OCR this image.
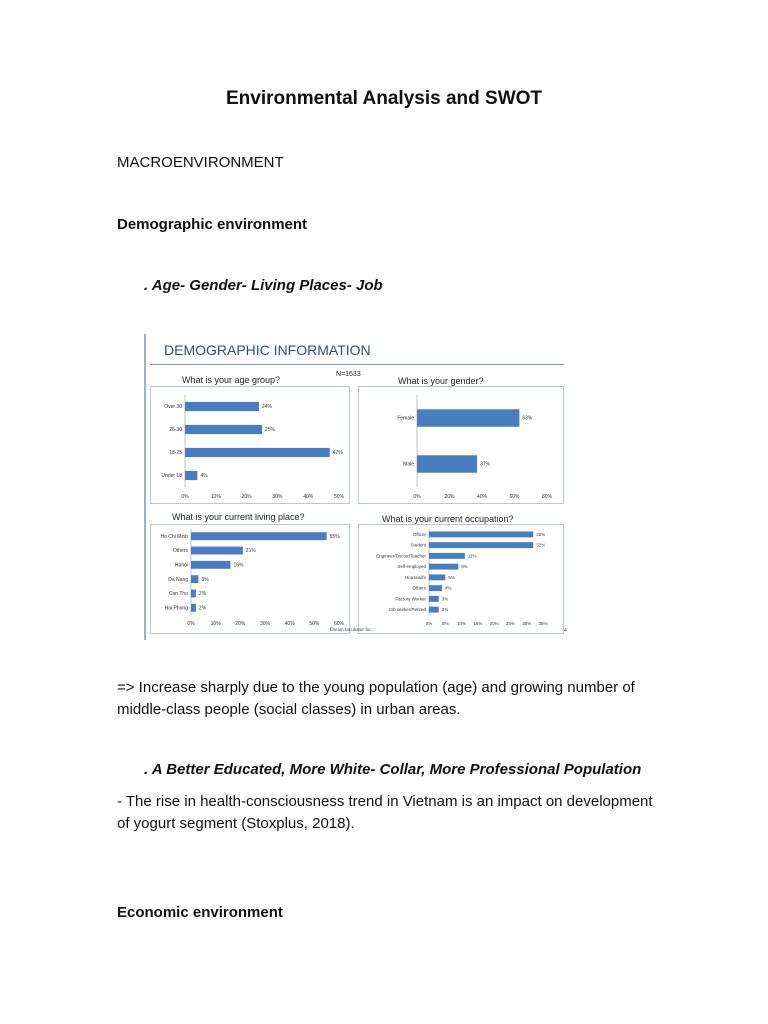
Environmental Analysis and SWOT
MACROENVIRONMENT
Demographic environment
. Age- Gender- Living Places- Job
DEMOGRAPHIC INFORMATION
N=1633
What is your age group?
Over 30	24%
26-30	25%
18-25	47%
Under 18	4%
0%	10%	20%	30%	40%	50%
What is your gender?
Female	63%
Male	37%
0%	20%	40%	60%	80%
What is your current living place?
Ho Chi Minh	55%
Others	21%
Hanoi	16%
Da Nang	3%
Can Tho 2%
Hai Phong 2%
0%	10%	20%	30%	40%	50%	60%
What is your current occupation?
Officer	32%
Student	32%
Engineer/Doctor/Teacher	11%
Self-employed	9%
Housewife	5%
Others	4%
Factory Worker	3%
Job seeker/Retired	3%
0% 5% 10% 15% 20% 25% 30% 35%
Dream Incubator Inc.	4
=> Increase sharply due to the young population (age) and growing number of middle-class people (social classes) in urban areas.
. A Better Educated, More White- Collar, More Professional Population
- The rise in health-consciousness trend in Vietnam is an impact on development of yogurt segment (Stoxplus, 2018).
Economic environment
